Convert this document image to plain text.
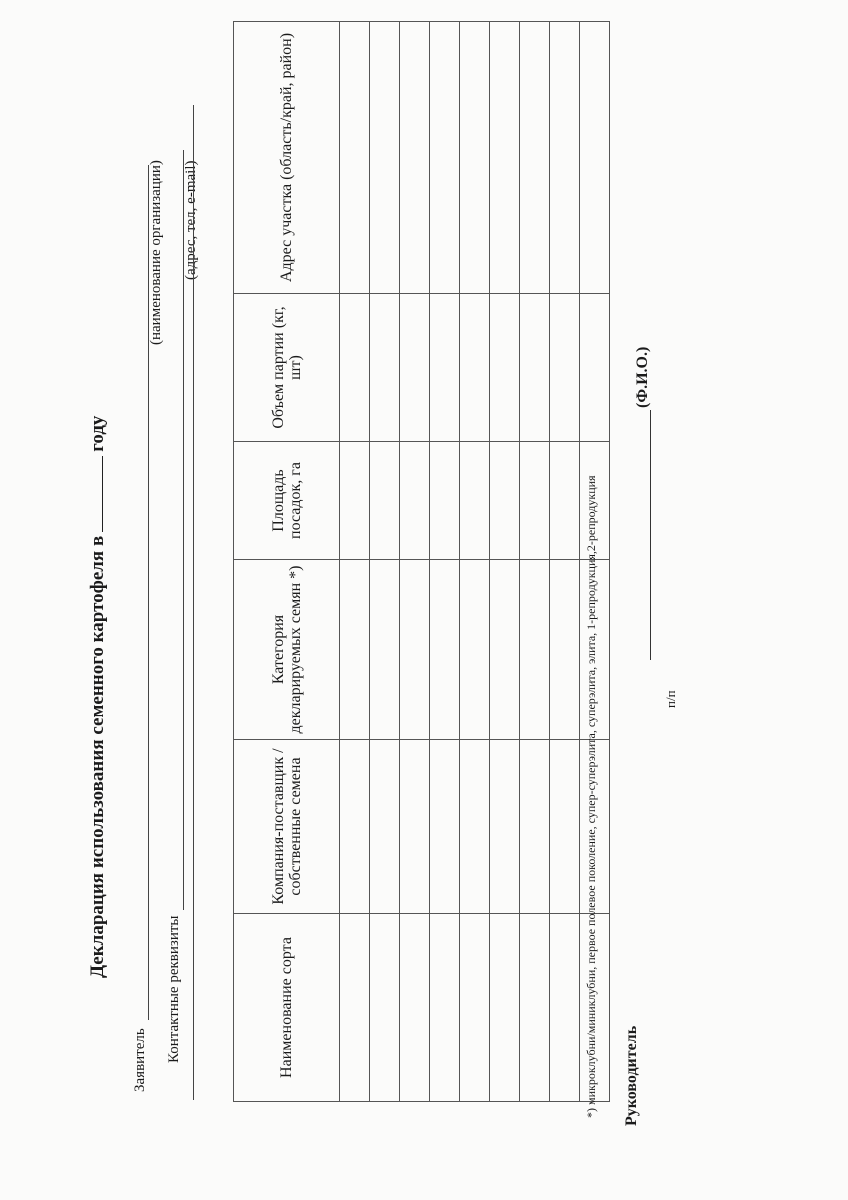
Декларация использования семенного картофеля вгоду
Заявитель
(наименование организации)
Контактные реквизиты
(адрес, тел, e-mail)
Наименование сорта	Компания-поставщик / собственные семена	Категория декларируемых семян *)	Площадь посадок, га	Объем партии (кг, шт)	Адрес участка (область/край, район)

*) микроклубни/миниклубни, первое полевое поколение, супер-суперэлита, суперэлита, элита, 1-репродукция,2-репродукция Руководитель
(Ф.И.О.)
п/п
